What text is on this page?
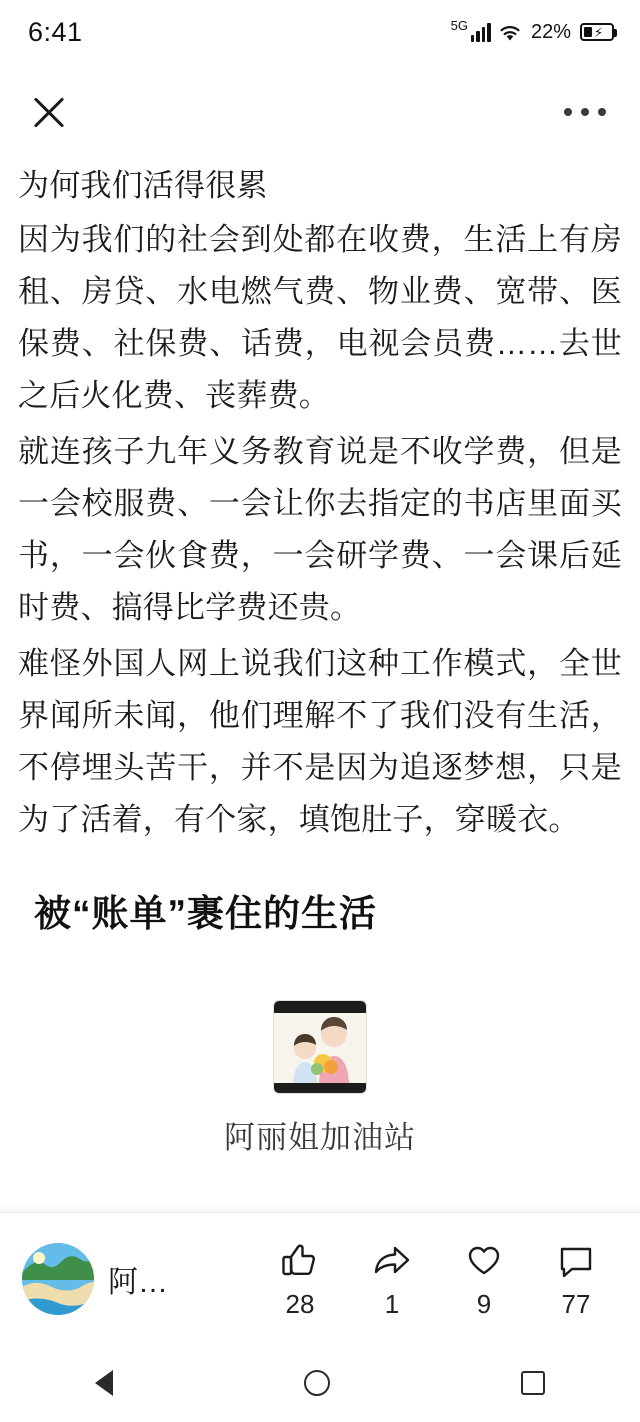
6:41	5G	22% ⚡

为何我们活得很累

因为我们的社会到处都在收费，生活上有房租、房贷、水电燃气费、物业费、宽带、医保费、社保费、话费，电视会员费……去世之后火化费、丧葬费。

就连孩子九年义务教育说是不收学费，但是一会校服费、一会让你去指定的书店里面买书，一会伙食费，一会研学费、一会课后延时费、搞得比学费还贵。

难怪外国人网上说我们这种工作模式，全世界闻所未闻，他们理解不了我们没有生活，不停埋头苦干，并不是因为追逐梦想，只是为了活着，有个家，填饱肚子，穿暖衣。

被“账单”裹住的生活
阿丽姐加油站
阿…
28	1	9	77
